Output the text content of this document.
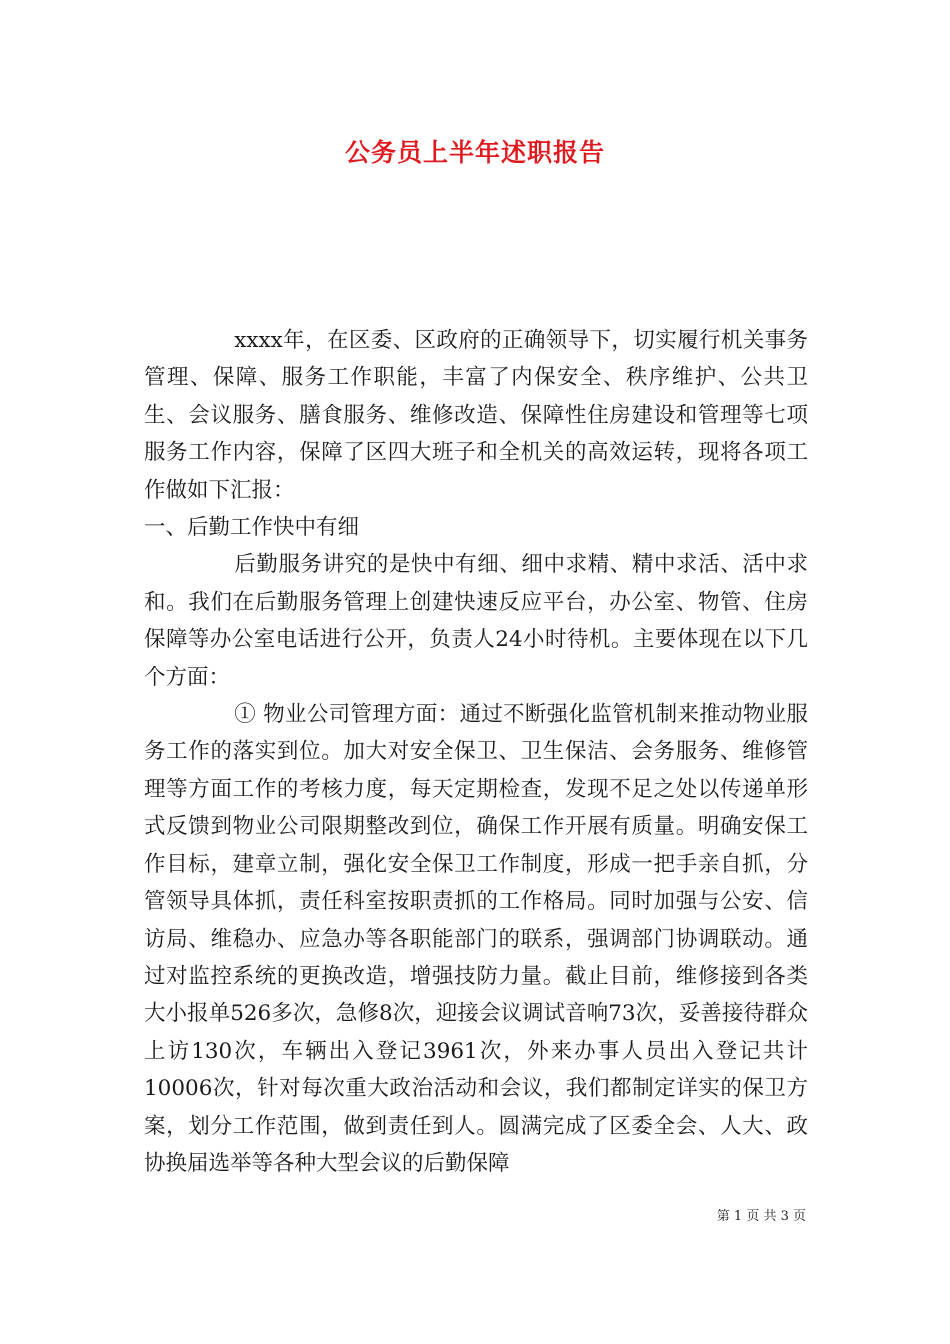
公务员上半年述职报告

xxxx年，在区委、区政府的正确领导下，切实履行机关事务管理、保障、服务工作职能，丰富了内保安全、秩序维护、公共卫生、会议服务、膳食服务、维修改造、保障性住房建设和管理等七项服务工作内容，保障了区四大班子和全机关的高效运转，现将各项工作做如下汇报：

一、后勤工作快中有细

后勤服务讲究的是快中有细、细中求精、精中求活、活中求和。我们在后勤服务管理上创建快速反应平台，办公室、物管、住房保障等办公室电话进行公开，负责人24小时待机。主要体现在以下几个方面：

① 物业公司管理方面：通过不断强化监管机制来推动物业服务工作的落实到位。加大对安全保卫、卫生保洁、会务服务、维修管理等方面工作的考核力度，每天定期检查，发现不足之处以传递单形式反馈到物业公司限期整改到位，确保工作开展有质量。明确安保工作目标，建章立制，强化安全保卫工作制度，形成一把手亲自抓，分管领导具体抓，责任科室按职责抓的工作格局。同时加强与公安、信访局、维稳办、应急办等各职能部门的联系，强调部门协调联动。通过对监控系统的更换改造，增强技防力量。截止目前，维修接到各类大小报单526多次，急修8次，迎接会议调试音响73次，妥善接待群众上访130次，车辆出入登记3961次，外来办事人员出入登记共计10006次，针对每次重大政治活动和会议，我们都制定详实的保卫方案，划分工作范围，做到责任到人。圆满完成了区委全会、人大、政协换届选举等各种大型会议的后勤保障

第 1 页 共 3 页
